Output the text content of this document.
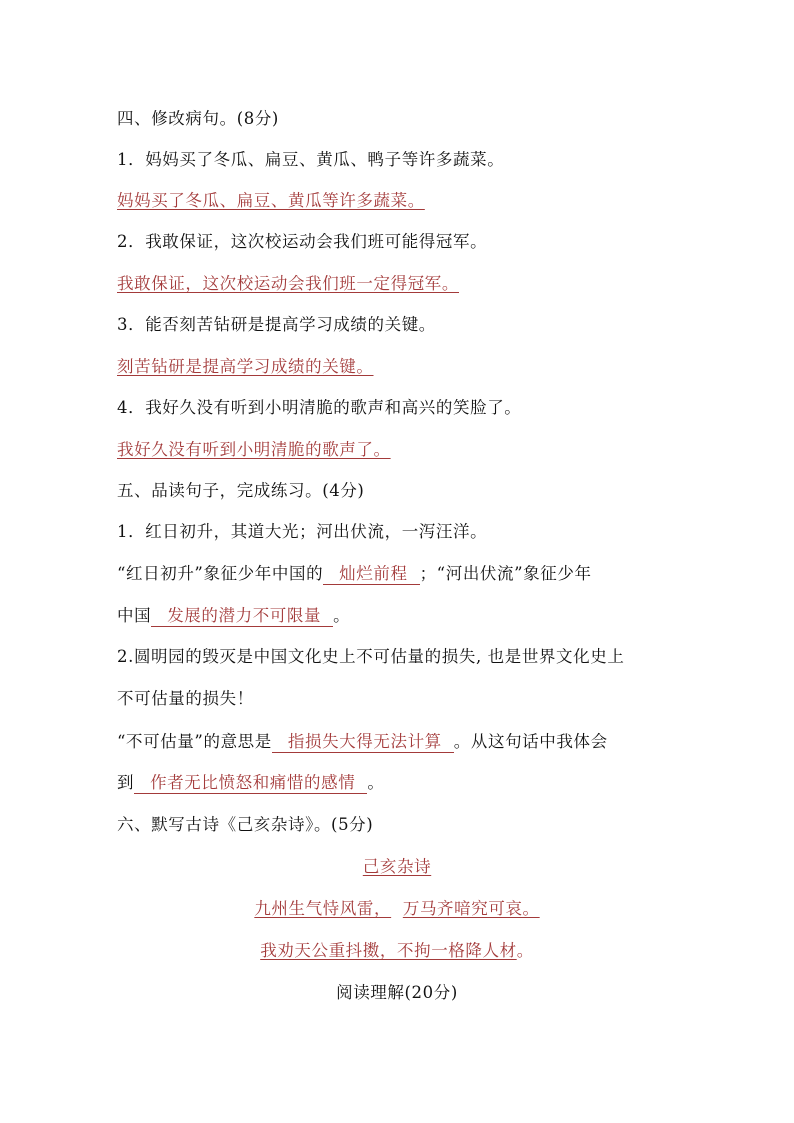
四、修改病句。(8分)
1．妈妈买了冬瓜、扁豆、黄瓜、鸭子等许多蔬菜。
妈妈买了冬瓜、扁豆、黄瓜等许多蔬菜。
2．我敢保证，这次校运动会我们班可能得冠军。
我敢保证，这次校运动会我们班一定得冠军。
3．能否刻苦钻研是提高学习成绩的关键。
刻苦钻研是提高学习成绩的关键。
4．我好久没有听到小明清脆的歌声和高兴的笑脸了。
我好久没有听到小明清脆的歌声了。
五、品读句子，完成练习。(4分)
1．红日初升，其道大光；河出伏流，一泻汪洋。
“红日初升”象征少年中国的 灿烂前程 ；“河出伏流”象征少年
中国 发展的潜力不可限量 。
2.圆明园的毁灭是中国文化史上不可估量的损失, 也是世界文化史上
不可估量的损失！
“不可估量”的意思是 指损失大得无法计算 。从这句话中我体会
到 作者无比愤怒和痛惜的感情 。
六、默写古诗《己亥杂诗》。(5分)
己亥杂诗
九州生气恃风雷， 万马齐喑究可哀。
我劝天公重抖擞，不拘一格降人材。
阅读理解(20分)
